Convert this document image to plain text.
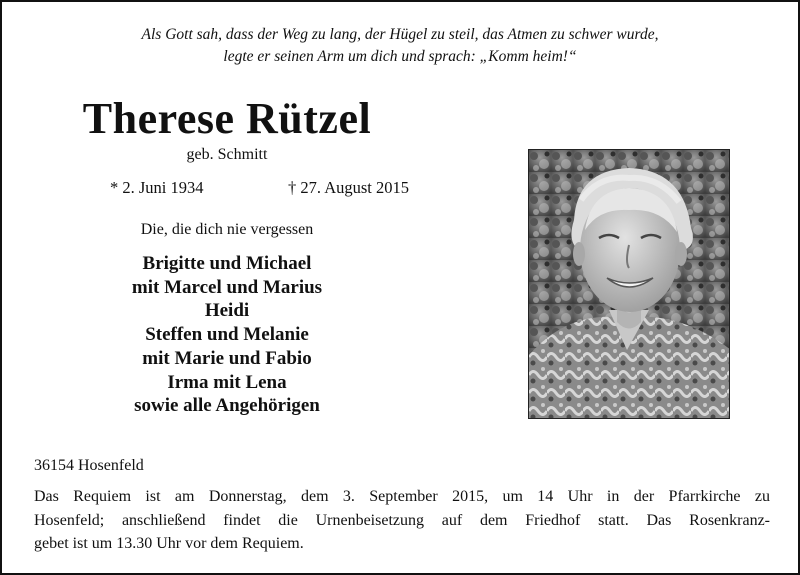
Als Gott sah, dass der Weg zu lang, der Hügel zu steil, das Atmen zu schwer wurde,
legte er seinen Arm um dich und sprach: „Komm heim!“
Therese Rützel
geb. Schmitt
* 2. Juni 1934	† 27. August 2015
Die, die dich nie vergessen
Brigitte und Michael
mit Marcel und Marius
Heidi
Steffen und Melanie
mit Marie und Fabio
Irma mit Lena
sowie alle Angehörigen
36154 Hosenfeld
Das Requiem ist am Donnerstag, dem 3. September 2015, um 14 Uhr in der Pfarrkirche zu
Hosenfeld; anschließend findet die Urnenbeisetzung auf dem Friedhof statt. Das Rosenkranz-
gebet ist um 13.30 Uhr vor dem Requiem.
